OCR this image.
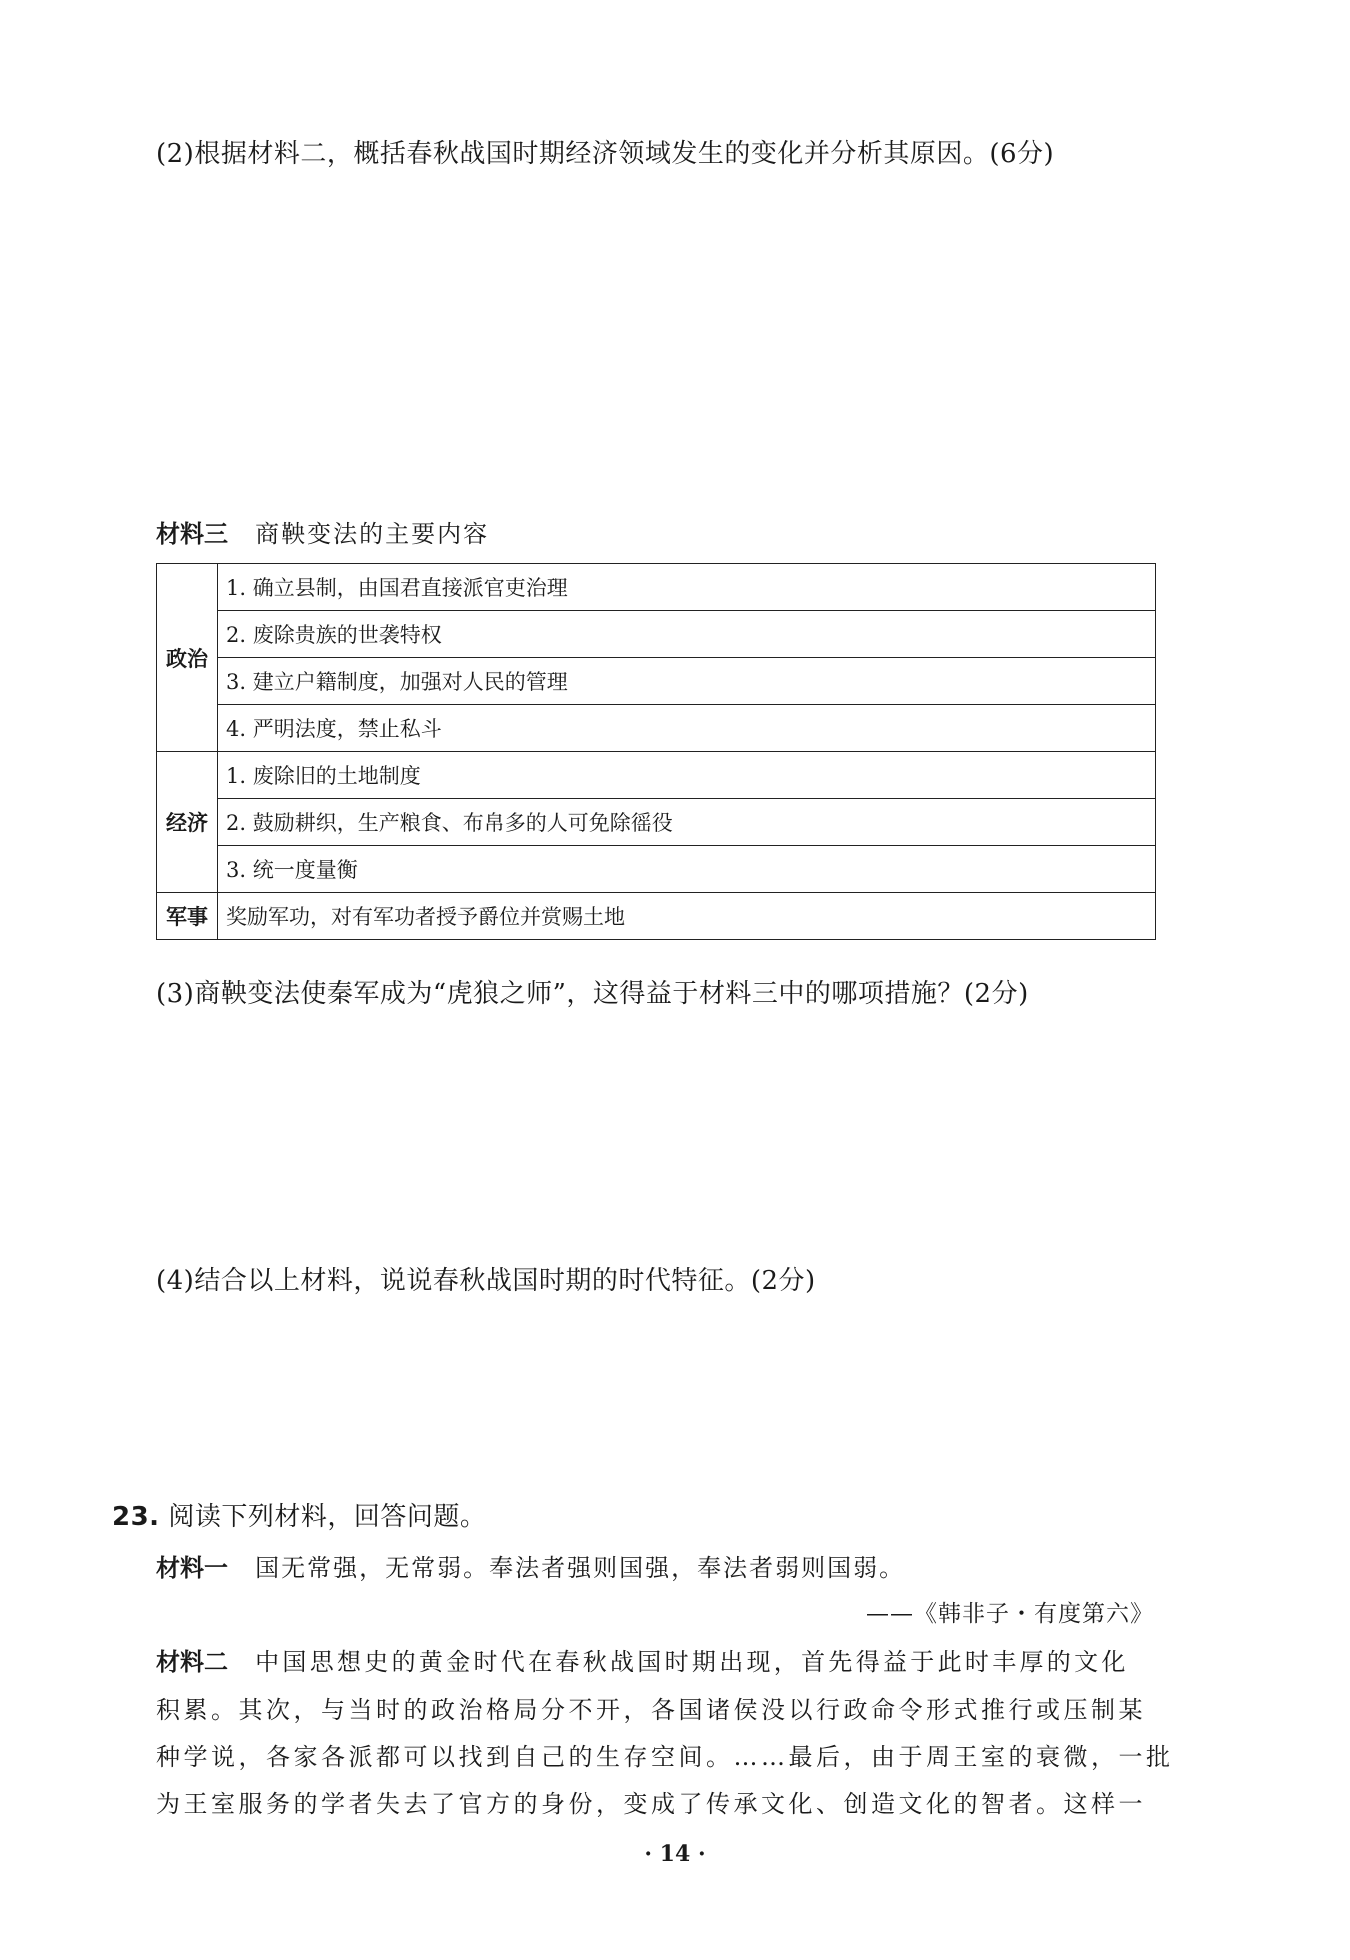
(2)根据材料二，概括春秋战国时期经济领域发生的变化并分析其原因。(6分)
材料三 商鞅变法的主要内容
政治	1. 确立县制，由国君直接派官吏治理
	2. 废除贵族的世袭特权
	3. 建立户籍制度，加强对人民的管理
	4. 严明法度，禁止私斗
经济	1. 废除旧的土地制度
	2. 鼓励耕织，生产粮食、布帛多的人可免除徭役
	3. 统一度量衡
军事	奖励军功，对有军功者授予爵位并赏赐土地
(3)商鞅变法使秦军成为“虎狼之师”，这得益于材料三中的哪项措施？(2分)
(4)结合以上材料，说说春秋战国时期的时代特征。(2分)
23. 阅读下列材料，回答问题。
材料一 国无常强，无常弱。奉法者强则国强，奉法者弱则国弱。
——《韩非子・有度第六》
材料二 中国思想史的黄金时代在春秋战国时期出现，首先得益于此时丰厚的文化
积累。其次，与当时的政治格局分不开，各国诸侯没以行政命令形式推行或压制某
种学说，各家各派都可以找到自己的生存空间。……最后，由于周王室的衰微，一批
为王室服务的学者失去了官方的身份，变成了传承文化、创造文化的智者。这样一
· 14 ·
